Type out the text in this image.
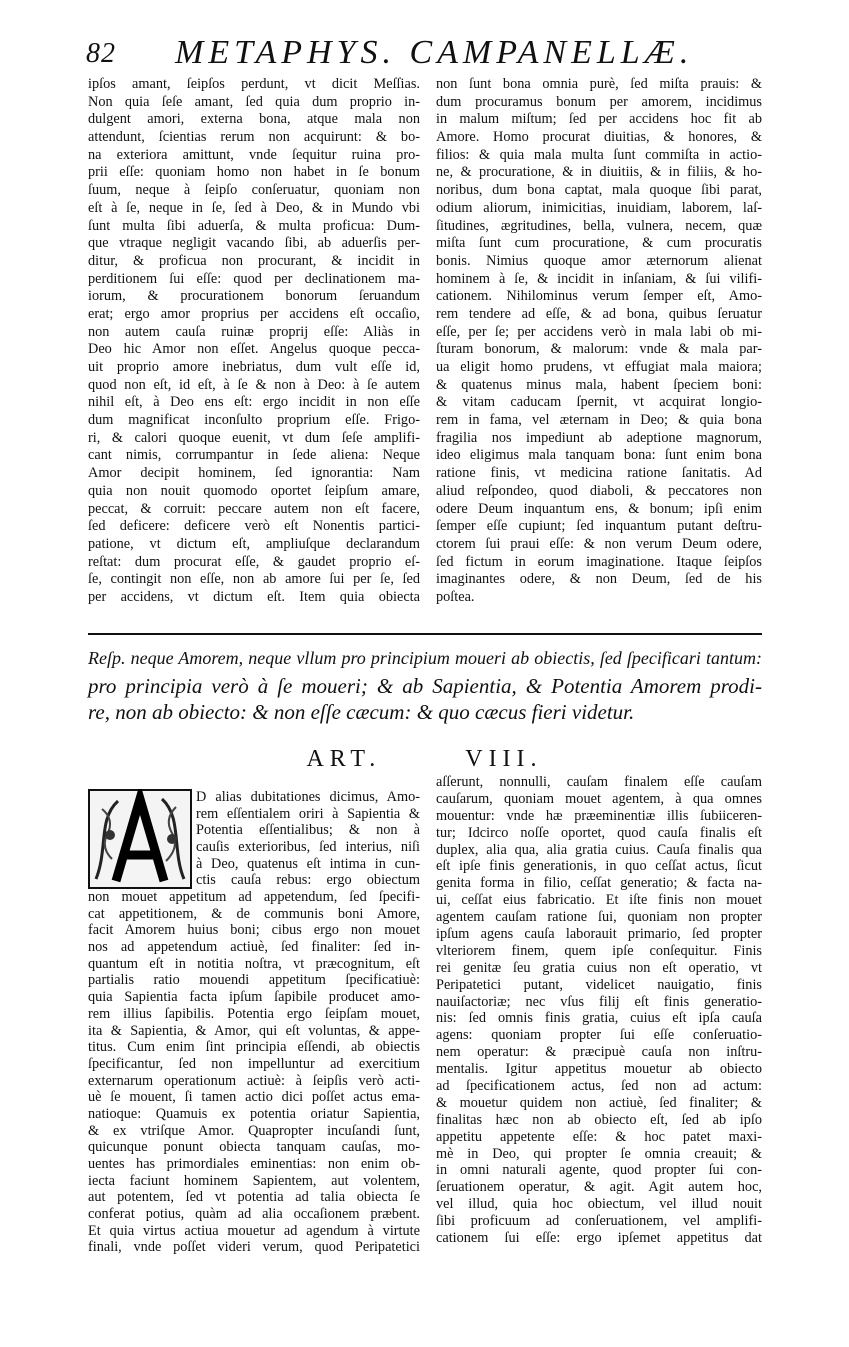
82 METAPHYS. CAMPANELLÆ.
ipſos amant, ſeipſos perdunt, vt dicit Meſſias.
Non quia ſeſe amant, ſed quia dum proprio in-
dulgent amori, externa bona, atque mala non
attendunt, ſcientias rerum non acquirunt: & bo-
na exteriora amittunt, vnde ſequitur ruina pro-
prii eſſe: quoniam homo non habet in ſe bonum
ſuum, neque à ſeipſo conſeruatur, quoniam non
eſt à ſe, neque in ſe, ſed à Deo, & in Mundo vbi
ſunt multa ſibi aduerſa, & multa proficua: Dum-
que vtraque negligit vacando ſibi, ab aduerſis per-
ditur, & proficua non procurant, & incidit in
perditionem ſui eſſe: quod per declinationem ma-
iorum, & procurationem bonorum ſeruandum
erat; ergo amor proprius per accidens eſt occaſio,
non autem cauſa ruinæ proprij eſſe: Aliàs in
Deo hic Amor non eſſet. Angelus quoque pecca-
uit proprio amore inebriatus, dum vult eſſe id,
quod non eſt, id eſt, à ſe & non à Deo: à ſe autem
nihil eſt, à Deo ens eſt: ergo incidit in non eſſe
dum magnificat inconſulto proprium eſſe. Frigo-
ri, & calori quoque euenit, vt dum ſeſe amplifi-
cant nimis, corrumpantur in ſede aliena: Neque
Amor decipit hominem, ſed ignorantia: Nam
quia non nouit quomodo oportet ſeipſum amare,
peccat, & corruit: peccare autem non eſt facere,
ſed deficere: deficere verò eſt Nonentis partici-
patione, vt dictum eſt, ampliuſque declarandum
reſtat: dum procurat eſſe, & gaudet proprio eſ-
ſe, contingit non eſſe, non ab amore ſui per ſe, ſed
per accidens, vt dictum eſt. Item quia obiecta
non ſunt bona omnia purè, ſed miſta prauis: &
dum procuramus bonum per amorem, incidimus
in malum miſtum; ſed per accidens hoc fit ab
Amore. Homo procurat diuitias, & honores, &
filios: & quia mala multa ſunt commiſta in actio-
ne, & procuratione, & in diuitiis, & in filiis, & ho-
noribus, dum bona captat, mala quoque ſibi parat,
odium aliorum, inimicitias, inuidiam, laborem, laſ-
ſitudines, ægritudines, bella, vulnera, necem, quæ
miſta ſunt cum procuratione, & cum procuratis
bonis. Nimius quoque amor æternorum alienat
hominem à ſe, & incidit in inſaniam, & ſui vilifi-
cationem. Nihilominus verum ſemper eſt, Amo-
rem tendere ad eſſe, & ad bona, quibus ſeruatur
eſſe, per ſe; per accidens verò in mala labi ob mi-
ſturam bonorum, & malorum: vnde & mala par-
ua eligit homo prudens, vt effugiat mala maiora;
& quatenus minus mala, habent ſpeciem boni:
& vitam caducam ſpernit, vt acquirat longio-
rem in fama, vel æternam in Deo; & quia bona
fragilia nos impediunt ab adeptione magnorum,
ideo eligimus mala tanquam bona: ſunt enim bona
ratione finis, vt medicina ratione ſanitatis. Ad
aliud reſpondeo, quod diaboli, & peccatores non
odere Deum inquantum ens, & bonum; ipſi enim
ſemper eſſe cupiunt; ſed inquantum putant deſtru-
ctorem ſui praui eſſe: & non verum Deum odere,
ſed fictum in eorum imaginatione. Itaque ſeipſos
imaginantes odere, & non Deum, ſed de his
poſtea.
Reſp. neque Amorem, neque vllum pro principium moueri ab obiectis, ſed ſpecificari tantum:
pro principia verò à ſe moueri; & ab Sapientia, & Potentia Amorem prodi-
re, non ab obiecto: & non eſſe cæcum: & quo cæcus fieri videtur.
ART.	VIII.
D alias dubitationes dicimus, Amo-
rem eſſentialem oriri à Sapientia &
Potentia eſſentialibus; & non à
cauſis exterioribus, ſed interius, niſi
à Deo, quatenus eſt intima in cun-
ctis cauſa rebus: ergo obiectum
non mouet appetitum ad appetendum, ſed ſpecifi-
cat appetitionem, & de communis boni Amore,
facit Amorem huius boni; cibus ergo non mouet
nos ad appetendum actiuè, ſed finaliter: ſed in-
quantum eſt in notitia noſtra, vt præcognitum, eſt
partialis ratio mouendi appetitum ſpecificatiuè:
quia Sapientia facta ipſum ſapibile producet amo-
rem illius ſapibilis. Potentia ergo ſeipſam mouet,
ita & Sapientia, & Amor, qui eſt voluntas, & appe-
titus. Cum enim ſint principia eſſendi, ab obiectis
ſpecificantur, ſed non impelluntur ad exercitium
externarum operationum actiuè: à ſeipſis verò acti-
uè ſe mouent, ſi tamen actio dici poſſet actus ema-
natioque: Quamuis ex potentia oriatur Sapientia,
& ex vtriſque Amor. Quapropter incuſandi ſunt,
quicunque ponunt obiecta tanquam cauſas, mo-
uentes has primordiales eminentias: non enim ob-
iecta faciunt hominem Sapientem, aut volentem,
aut potentem, ſed vt potentia ad talia obiecta ſe
conferat potius, quàm ad alia occaſionem præbent.
Et quia virtus actiua mouetur ad agendum à virtute
finali, vnde poſſet videri verum, quod Peripatetici
aſſerunt, nonnulli, cauſam finalem eſſe cauſam
cauſarum, quoniam mouet agentem, à qua omnes
mouentur: vnde hæ præeminentiæ illis ſubiiceren-
tur; Idcirco noſſe oportet, quod cauſa finalis eſt
duplex, alia qua, alia gratia cuius. Cauſa finalis qua
eſt ipſe finis generationis, in quo ceſſat actus, ſicut
genita forma in filio, ceſſat generatio; & facta na-
ui, ceſſat eius fabricatio. Et iſte finis non mouet
agentem cauſam ratione ſui, quoniam non propter
ipſum agens cauſa laborauit primario, ſed propter
vlteriorem finem, quem ipſe conſequitur. Finis
rei genitæ ſeu gratia cuius non eſt operatio, vt
Peripatetici putant, videlicet nauigatio, finis
nauiſactoriæ; nec vſus filij eſt finis generatio-
nis: ſed omnis finis gratia, cuius eſt ipſa cauſa
agens: quoniam propter ſui eſſe conſeruatio-
nem operatur: & præcipuè cauſa non inſtru-
mentalis. Igitur appetitus mouetur ab obiecto
ad ſpecificationem actus, ſed non ad actum:
& mouetur quidem non actiuè, ſed finaliter; &
finalitas hæc non ab obiecto eſt, ſed ab ipſo
appetitu appetente eſſe: & hoc patet maxi-
mè in Deo, qui propter ſe omnia creauit; &
in omni naturali agente, quod propter ſui con-
ſeruationem operatur, & agit. Agit autem hoc,
vel illud, quia hoc obiectum, vel illud nouit
ſibi proficuum ad conſeruationem, vel amplifi-
cationem ſui eſſe: ergo ipſemet appetitus dat
